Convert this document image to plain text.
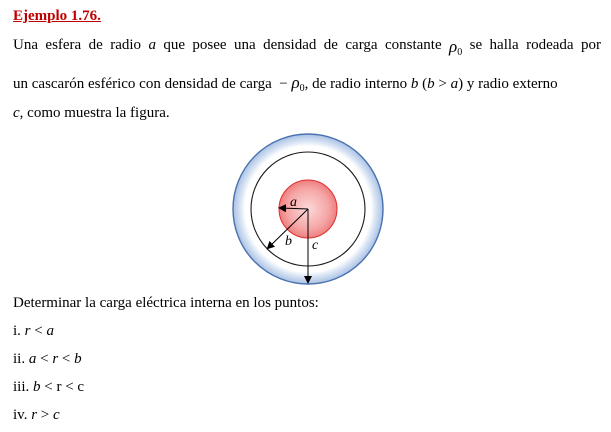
Ejemplo 1.76.
Una esfera de radio a que posee una densidad de carga constante $\rho_0$ se halla rodeada por
un cascarón esférico con densidad de carga − $\rho_0$, de radio interno b (b > a) y radio externo
c, como muestra la figura.
a
b c
Determinar la carga eléctrica interna en los puntos:
i. r < a
ii. a < r < b
iii. b < r < c
iv. r > c
